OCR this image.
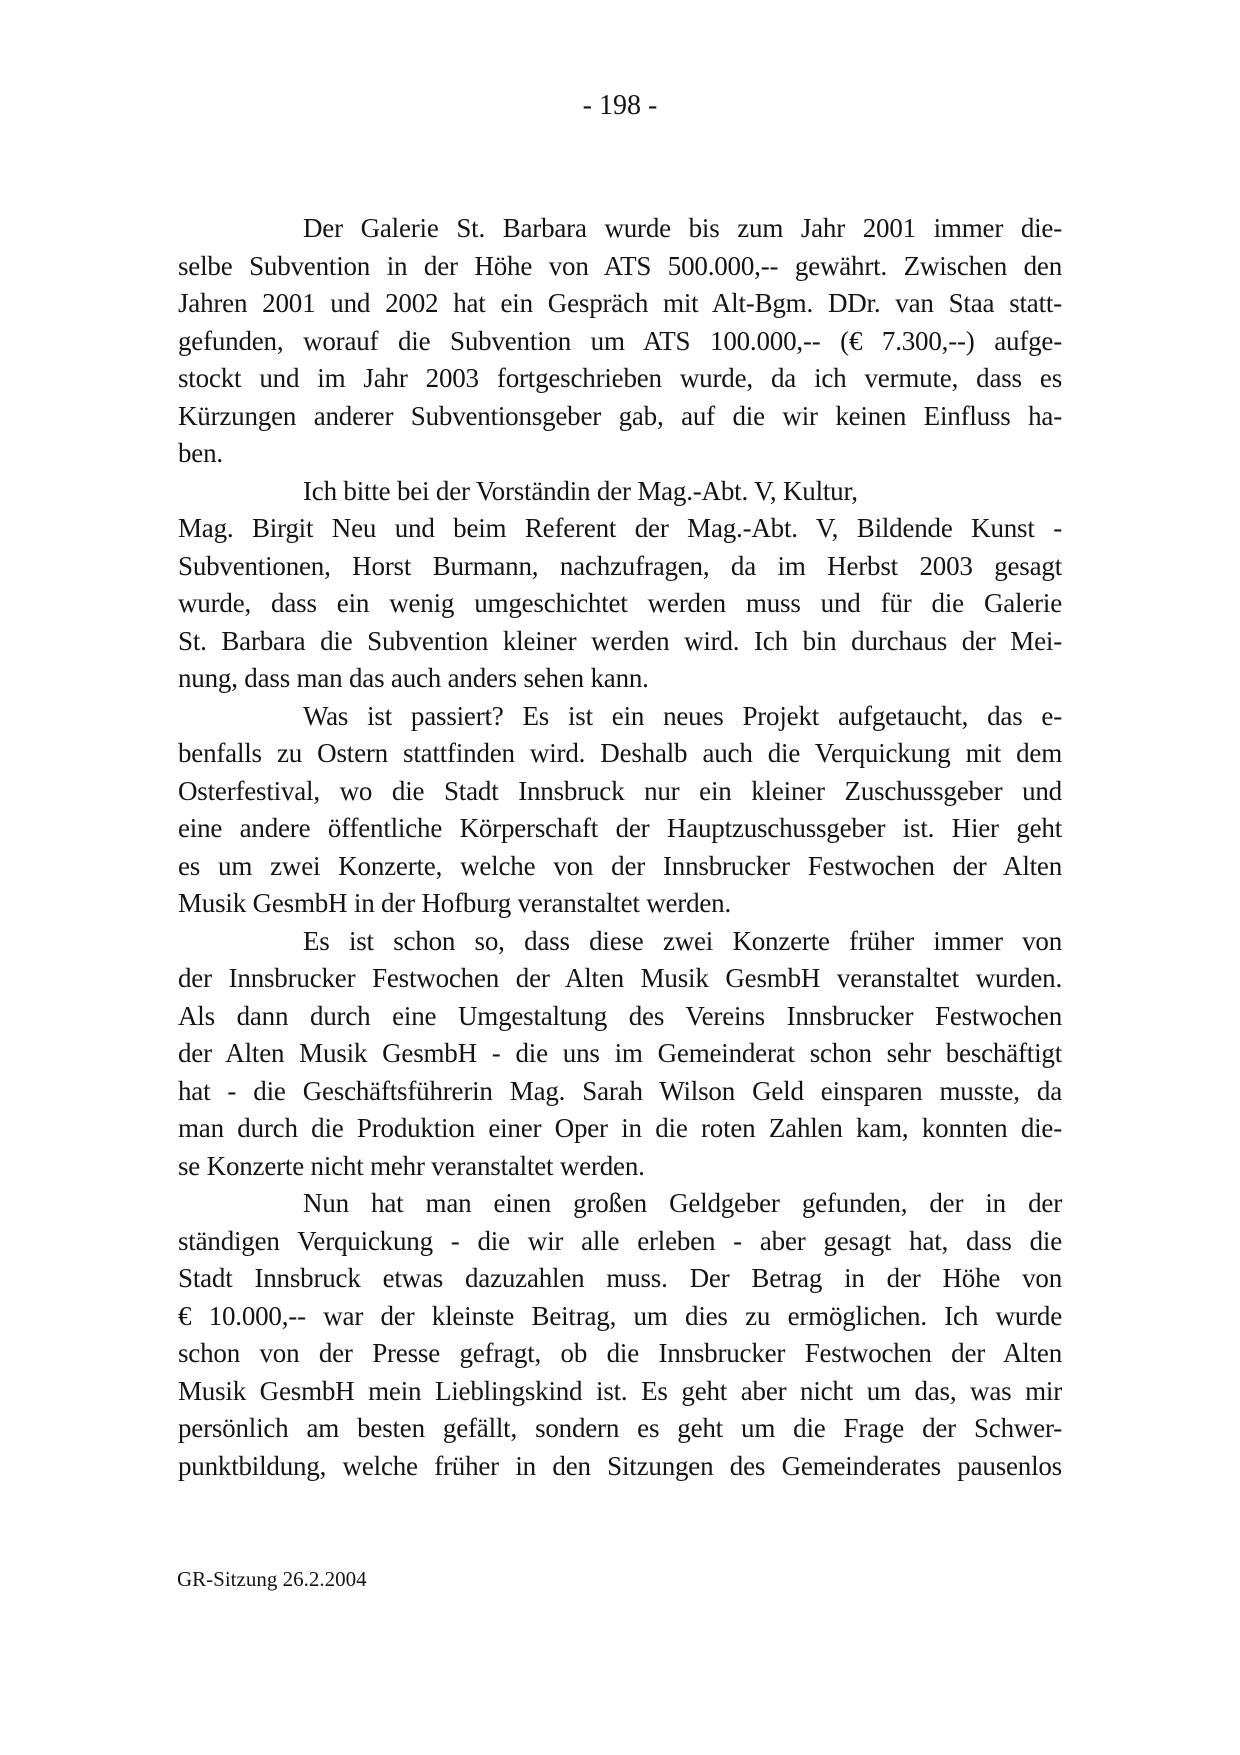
- 198 -
Der Galerie St. Barbara wurde bis zum Jahr 2001 immer die-
selbe Subvention in der Höhe von ATS 500.000,-- gewährt. Zwischen den
Jahren 2001 und 2002 hat ein Gespräch mit Alt-Bgm. DDr. van Staa statt-
gefunden, worauf die Subvention um ATS 100.000,-- (€ 7.300,--) aufge-
stockt und im Jahr 2003 fortgeschrieben wurde, da ich vermute, dass es
Kürzungen anderer Subventionsgeber gab, auf die wir keinen Einfluss ha-
ben.
Ich bitte bei der Vorständin der Mag.-Abt. V, Kultur,
Mag. Birgit Neu und beim Referent der Mag.-Abt. V, Bildende Kunst -
Subventionen, Horst Burmann, nachzufragen, da im Herbst 2003 gesagt
wurde, dass ein wenig umgeschichtet werden muss und für die Galerie
St. Barbara die Subvention kleiner werden wird. Ich bin durchaus der Mei-
nung, dass man das auch anders sehen kann.
Was ist passiert? Es ist ein neues Projekt aufgetaucht, das e-
benfalls zu Ostern stattfinden wird. Deshalb auch die Verquickung mit dem
Osterfestival, wo die Stadt Innsbruck nur ein kleiner Zuschussgeber und
eine andere öffentliche Körperschaft der Hauptzuschussgeber ist. Hier geht
es um zwei Konzerte, welche von der Innsbrucker Festwochen der Alten
Musik GesmbH in der Hofburg veranstaltet werden.
Es ist schon so, dass diese zwei Konzerte früher immer von
der Innsbrucker Festwochen der Alten Musik GesmbH veranstaltet wurden.
Als dann durch eine Umgestaltung des Vereins Innsbrucker Festwochen
der Alten Musik GesmbH - die uns im Gemeinderat schon sehr beschäftigt
hat - die Geschäftsführerin Mag. Sarah Wilson Geld einsparen musste, da
man durch die Produktion einer Oper in die roten Zahlen kam, konnten die-
se Konzerte nicht mehr veranstaltet werden.
Nun hat man einen großen Geldgeber gefunden, der in der
ständigen Verquickung - die wir alle erleben - aber gesagt hat, dass die
Stadt Innsbruck etwas dazuzahlen muss. Der Betrag in der Höhe von
€ 10.000,-- war der kleinste Beitrag, um dies zu ermöglichen. Ich wurde
schon von der Presse gefragt, ob die Innsbrucker Festwochen der Alten
Musik GesmbH mein Lieblingskind ist. Es geht aber nicht um das, was mir
persönlich am besten gefällt, sondern es geht um die Frage der Schwer-
punktbildung, welche früher in den Sitzungen des Gemeinderates pausenlos
GR-Sitzung 26.2.2004
